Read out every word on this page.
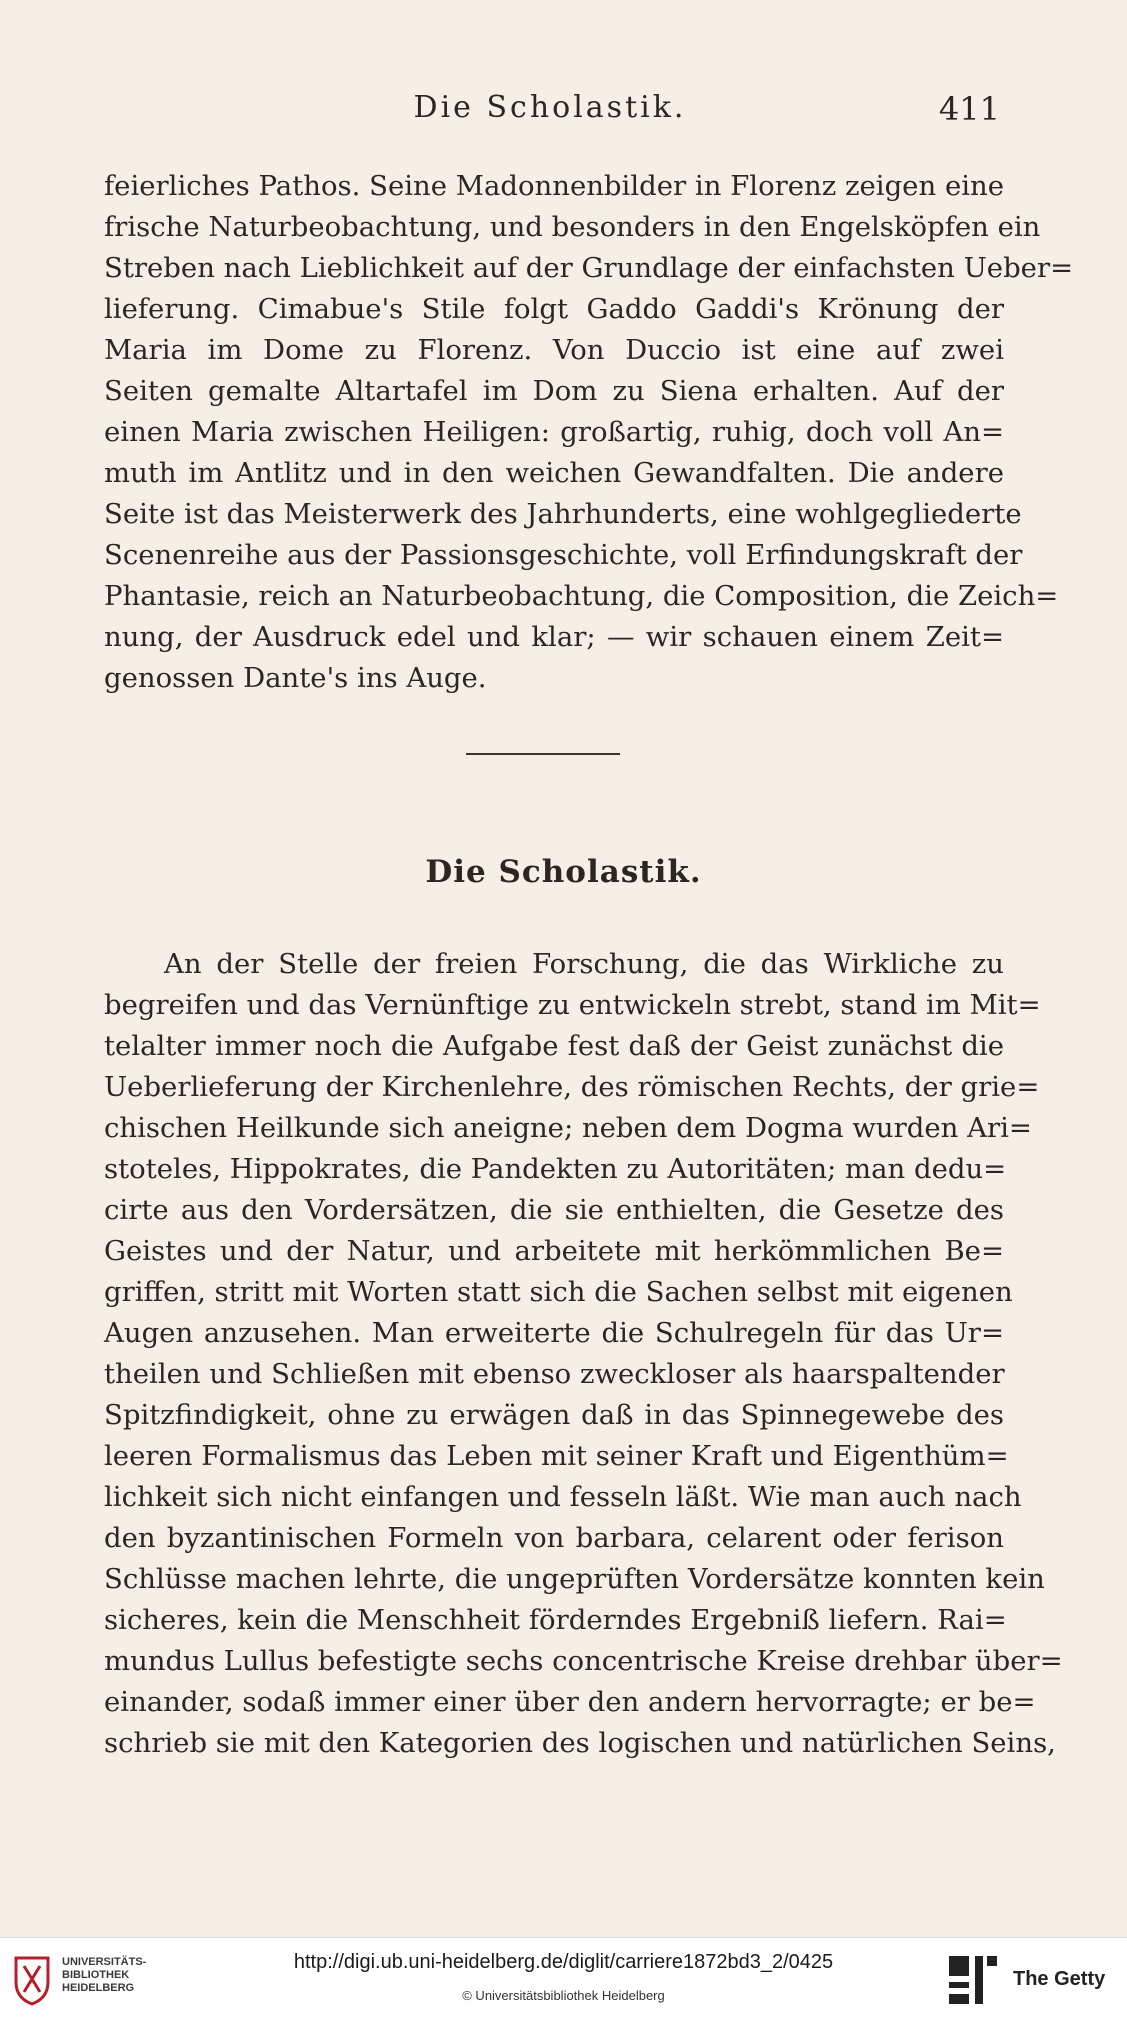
Die Scholastik.	411
feierliches Pathos. Seine Madonnenbilder in Florenz zeigen eine
frische Naturbeobachtung, und besonders in den Engelsköpfen ein
Streben nach Lieblichkeit auf der Grundlage der einfachsten Ueber=
lieferung. Cimabue's Stile folgt Gaddo Gaddi's Krönung der
Maria im Dome zu Florenz. Von Duccio ist eine auf zwei
Seiten gemalte Altartafel im Dom zu Siena erhalten. Auf der
einen Maria zwischen Heiligen: großartig, ruhig, doch voll An=
muth im Antlitz und in den weichen Gewandfalten. Die andere
Seite ist das Meisterwerk des Jahrhunderts, eine wohlgegliederte
Scenenreihe aus der Passionsgeschichte, voll Erfindungskraft der
Phantasie, reich an Naturbeobachtung, die Composition, die Zeich=
nung, der Ausdruck edel und klar; — wir schauen einem Zeit=
genossen Dante's ins Auge.
Die Scholastik.
An der Stelle der freien Forschung, die das Wirkliche zu
begreifen und das Vernünftige zu entwickeln strebt, stand im Mit=
telalter immer noch die Aufgabe fest daß der Geist zunächst die
Ueberlieferung der Kirchenlehre, des römischen Rechts, der grie=
chischen Heilkunde sich aneigne; neben dem Dogma wurden Ari=
stoteles, Hippokrates, die Pandekten zu Autoritäten; man dedu=
cirte aus den Vordersätzen, die sie enthielten, die Gesetze des
Geistes und der Natur, und arbeitete mit herkömmlichen Be=
griffen, stritt mit Worten statt sich die Sachen selbst mit eigenen
Augen anzusehen. Man erweiterte die Schulregeln für das Ur=
theilen und Schließen mit ebenso zweckloser als haarspaltender
Spitzfindigkeit, ohne zu erwägen daß in das Spinnegewebe des
leeren Formalismus das Leben mit seiner Kraft und Eigenthüm=
lichkeit sich nicht einfangen und fesseln läßt. Wie man auch nach
den byzantinischen Formeln von barbara, celarent oder ferison
Schlüsse machen lehrte, die ungeprüften Vordersätze konnten kein
sicheres, kein die Menschheit förderndes Ergebniß liefern. Rai=
mundus Lullus befestigte sechs concentrische Kreise drehbar über=
einander, sodaß immer einer über den andern hervorragte; er be=
schrieb sie mit den Kategorien des logischen und natürlichen Seins,
UNIVERSITÄTS-
BIBLIOTHEK
HEIDELBERG
http://digi.ub.uni-heidelberg.de/diglit/carriere1872bd3_2/0425
© Universitätsbibliothek Heidelberg
The Getty
